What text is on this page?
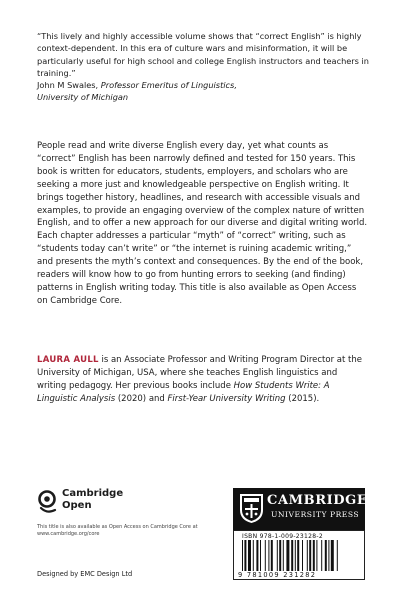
“This lively and highly accessible volume shows that “correct English” is highly context-dependent. In this era of culture wars and misinformation, it will be particularly useful for high school and college English instructors and teachers in training.”
John M Swales, Professor Emeritus of Linguistics,
University of Michigan

People read and write diverse English every day, yet what counts as “correct” English has been narrowly defined and tested for 150 years. This book is written for educators, students, employers, and scholars who are seeking a more just and knowledgeable perspective on English writing. It brings together history, headlines, and research with accessible visuals and examples, to provide an engaging overview of the complex nature of written English, and to offer a new approach for our diverse and digital writing world. Each chapter addresses a particular “myth” of “correct” writing, such as “students today can’t write” or “the internet is ruining academic writing,” and presents the myth’s context and consequences. By the end of the book, readers will know how to go from hunting errors to seeking (and finding) patterns in English writing today. This title is also available as Open Access on Cambridge Core.

LAURA AULL is an Associate Professor and Writing Program Director at the University of Michigan, USA, where she teaches English linguistics and writing pedagogy. Her previous books include How Students Write: A Linguistic Analysis (2020) and First-Year University Writing (2015).

Cambridge
Open
This title is also available as Open Access on Cambridge Core at www.cambridge.org/core
Designed by EMC Design Ltd
CAMBRIDGE
UNIVERSITY PRESS
ISBN 978-1-009-23128-2
9 781009 231282
